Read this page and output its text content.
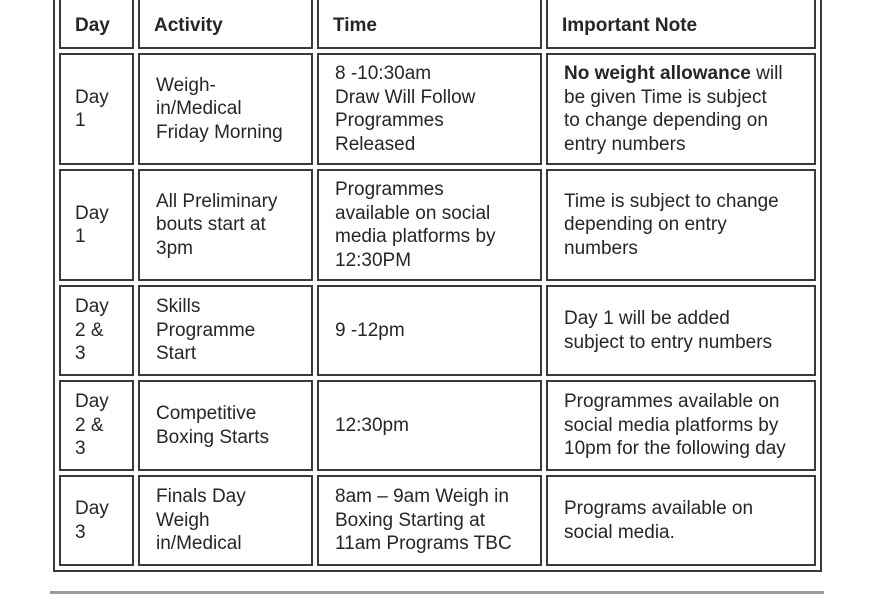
Day	Activity	Time	Important Note

Day
1	Weigh-
in/Medical
Friday Morning	8 -10:30am
Draw Will Follow
Programmes
Released	No weight allowance will
be given Time is subject
to change depending on
entry numbers

Day
1	All Preliminary
bouts start at
3pm	Programmes
available on social
media platforms by
12:30PM	Time is subject to change
depending on entry
numbers

Day
2 &
3	Skills
Programme
Start	9 -12pm	Day 1 will be added
subject to entry numbers

Day
2 &
3	Competitive
Boxing Starts	12:30pm	Programmes available on
social media platforms by
10pm for the following day

Day
3	Finals Day
Weigh
in/Medical	8am – 9am Weigh in
Boxing Starting at
11am Programs TBC	Programs available on
social media.
